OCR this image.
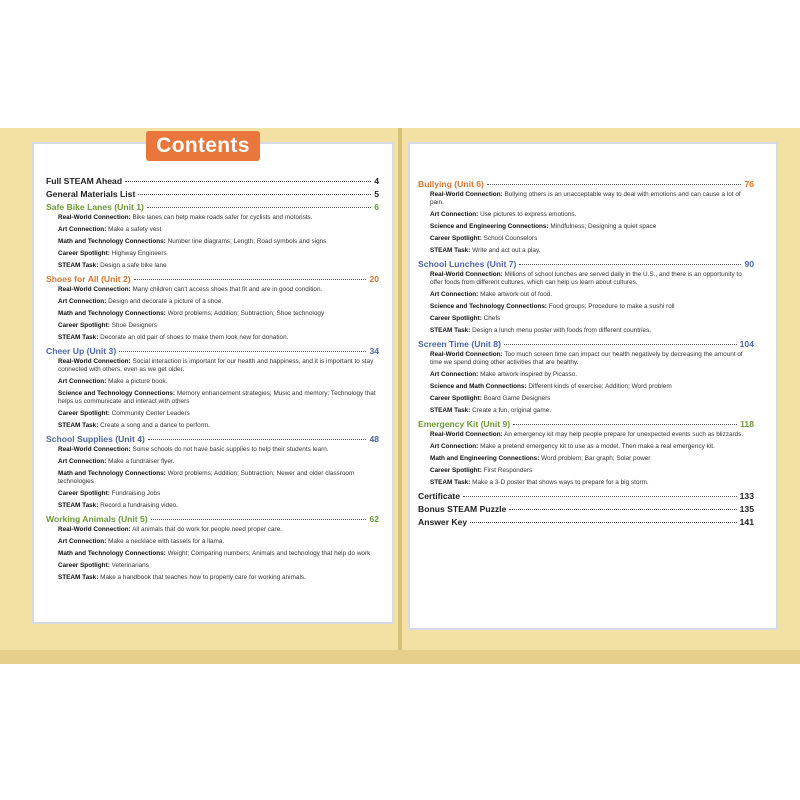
Contents
Full STEAM Ahead	4
General Materials List	5
Safe Bike Lanes (Unit 1)	6
Real-World Connection: Bike lanes can help make roads safer for cyclists and motorists.
Art Connection: Make a safety vest
Math and Technology Connections: Number line diagrams; Length; Road symbols and signs
Career Spotlight: Highway Engineers
STEAM Task: Design a safe bike lane
Shoes for All (Unit 2)	20
Real-World Connection: Many children can't access shoes that fit and are in good condition.
Art Connection: Design and decorate a picture of a shoe.
Math and Technology Connections: Word problems; Addition; Subtraction; Shoe technology
Career Spotlight: Shoe Designers
STEAM Task: Decorate an old pair of shoes to make them look new for donation.
Cheer Up (Unit 3)	34
Real-World Connection: Social interaction is important for our health and happiness, and it is important to stay connected with others, even as we get older.
Art Connection: Make a picture book.
Science and Technology Connections: Memory enhancement strategies; Music and memory; Technology that helps us communicate and interact with others
Career Spotlight: Community Center Leaders
STEAM Task: Create a song and a dance to perform.
School Supplies (Unit 4)	48
Real-World Connection: Some schools do not have basic supplies to help their students learn.
Art Connection: Make a fundraiser flyer.
Math and Technology Connections: Word problems; Addition; Subtraction; Newer and older classroom technologies
Career Spotlight: Fundraising Jobs
STEAM Task: Record a fundraising video.
Working Animals (Unit 5)	62
Real-World Connection: All animals that do work for people need proper care.
Art Connection: Make a necklace with tassels for a llama.
Math and Technology Connections: Weight; Comparing numbers; Animals and technology that help do work
Career Spotlight: Veterinarians
STEAM Task: Make a handbook that teaches how to properly care for working animals.
Bullying (Unit 6)	76
Real-World Connection: Bullying others is an unacceptable way to deal with emotions and can cause a lot of pain.
Art Connection: Use pictures to express emotions.
Science and Engineering Connections: Mindfulness; Designing a quiet space
Career Spotlight: School Counselors
STEAM Task: Write and act out a play.
School Lunches (Unit 7)	90
Real-World Connection: Millions of school lunches are served daily in the U.S., and there is an opportunity to offer foods from different cultures, which can help us learn about cultures.
Art Connection: Make artwork out of food.
Science and Technology Connections: Food groups; Procedure to make a sushi roll
Career Spotlight: Chefs
STEAM Task: Design a lunch menu poster with foods from different countries.
Screen Time (Unit 8)	104
Real-World Connection: Too much screen time can impact our health negatively by decreasing the amount of time we spend doing other activities that are healthy.
Art Connection: Make artwork inspired by Picasso.
Science and Math Connections: Different kinds of exercise; Addition; Word problem
Career Spotlight: Board Game Designers
STEAM Task: Create a fun, original game.
Emergency Kit (Unit 9)	118
Real-World Connection: An emergency kit may help people prepare for unexpected events such as blizzards.
Art Connection: Make a pretend emergency kit to use as a model. Then make a real emergency kit.
Math and Engineering Connections: Word problem; Bar graph; Solar power
Career Spotlight: First Responders
STEAM Task: Make a 3-D poster that shows ways to prepare for a big storm.
Certificate	133
Bonus STEAM Puzzle	135
Answer Key	141
